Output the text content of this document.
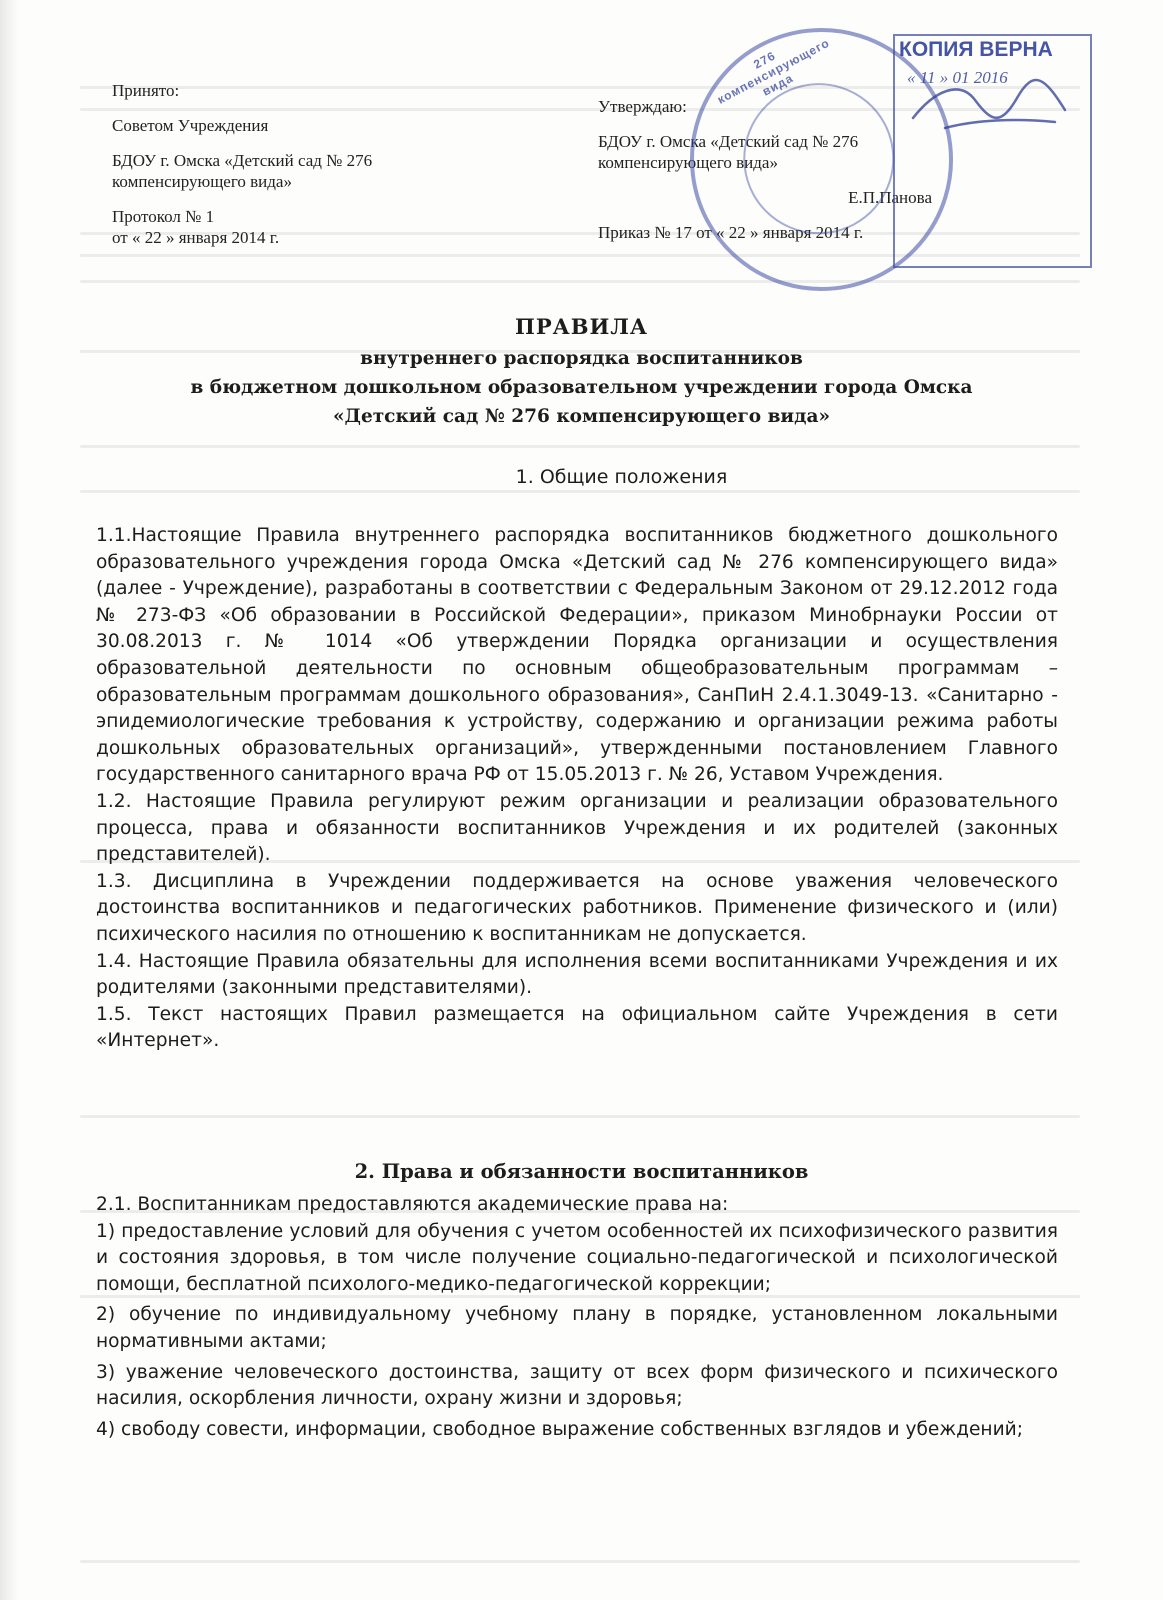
Принято:
Советом Учреждения
БДОУ г. Омска «Детский сад № 276
компенсирующего вида»
Протокол № 1
от « 22 » января 2014 г.
Утверждаю:
БДОУ г. Омска «Детский сад № 276
компенсирующего вида»
Е.П.Панова
Приказ № 17 от « 22 » января 2014 г.
276 компенсирующего вида
КОПИЯ ВЕРНА
« 11 » 01 2016
ПРАВИЛА
внутреннего распорядка воспитанников
в бюджетном дошкольном образовательном учреждении города Омска
«Детский сад № 276 компенсирующего вида»
1. Общие положения
1.1.Настоящие Правила внутреннего распорядка воспитанников бюджетного дошкольного образовательного учреждения города Омска «Детский сад № 276 компенсирующего вида» (далее - Учреждение), разработаны в соответствии с Федеральным Законом от 29.12.2012 года № 273-ФЗ «Об образовании в Российской Федерации», приказом Минобрнауки России от 30.08.2013 г. № 1014 «Об утверждении Порядка организации и осуществления образовательной деятельности по основным общеобразовательным программам – образовательным программам дошкольного образования», СанПиН 2.4.1.3049-13. «Санитарно - эпидемиологические требования к устройству, содержанию и организации режима работы дошкольных образовательных организаций», утвержденными постановлением Главного государственного санитарного врача РФ от 15.05.2013 г. № 26, Уставом Учреждения.
1.2. Настоящие Правила регулируют режим организации и реализации образовательного процесса, права и обязанности воспитанников Учреждения и их родителей (законных представителей).
1.3. Дисциплина в Учреждении поддерживается на основе уважения человеческого достоинства воспитанников и педагогических работников. Применение физического и (или) психического насилия по отношению к воспитанникам не допускается.
1.4. Настоящие Правила обязательны для исполнения всеми воспитанниками Учреждения и их родителями (законными представителями).
1.5. Текст настоящих Правил размещается на официальном сайте Учреждения в сети «Интернет».
2. Права и обязанности воспитанников
2.1. Воспитанникам предоставляются академические права на:
1) предоставление условий для обучения с учетом особенностей их психофизического развития и состояния здоровья, в том числе получение социально-педагогической и психологической помощи, бесплатной психолого-медико-педагогической коррекции;
2) обучение по индивидуальному учебному плану в порядке, установленном локальными нормативными актами;
3) уважение человеческого достоинства, защиту от всех форм физического и психического насилия, оскорбления личности, охрану жизни и здоровья;
4) свободу совести, информации, свободное выражение собственных взглядов и убеждений;
